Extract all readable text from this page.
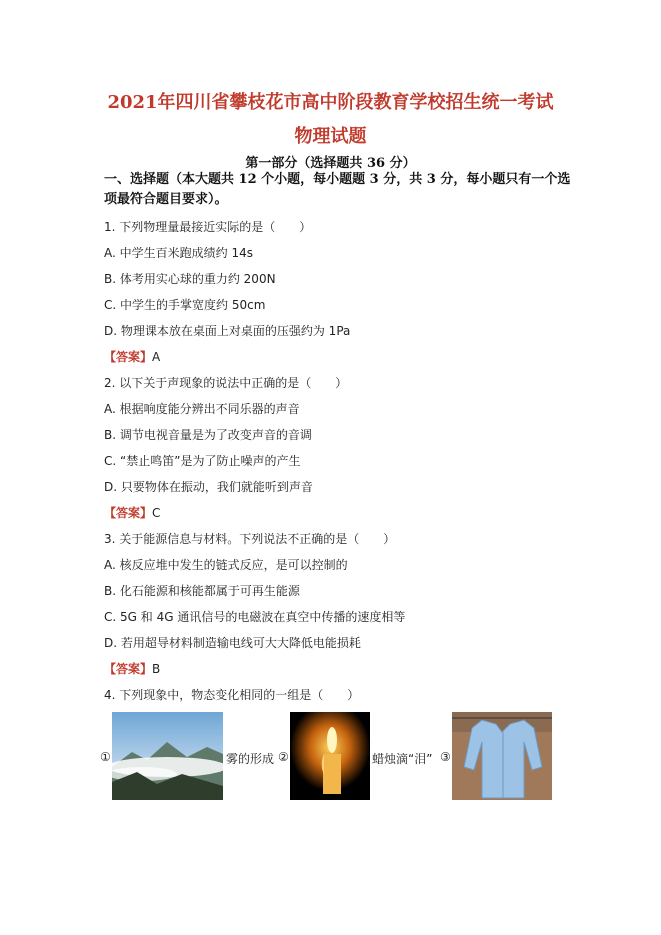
2021年四川省攀枝花市高中阶段教育学校招生统一考试
物理试题
第一部分（选择题共 36 分）
一、选择题（本大题共 12 个小题，每小题题 3 分，共 3 分，每小题只有一个选项最符合题目要求）。
1. 下列物理量最接近实际的是（　　）
A. 中学生百米跑成绩约 14s
B. 体考用实心球的重力约 200N
C. 中学生的手掌宽度约 50cm
D. 物理课本放在桌面上对桌面的压强约为 1Pa
【答案】A
2. 以下关于声现象的说法中正确的是（　　）
A. 根据响度能分辨出不同乐器的声音
B. 调节电视音量是为了改变声音的音调
C. “禁止鸣笛”是为了防止噪声的产生
D. 只要物体在振动，我们就能听到声音
【答案】C
3. 关于能源信息与材料。下列说法不正确的是（　　）
A. 核反应堆中发生的链式反应，是可以控制的
B. 化石能源和核能都属于可再生能源
C. 5G 和 4G 通讯信号的电磁波在真空中传播的速度相等
D. 若用超导材料制造输电线可大大降低电能损耗
【答案】B
4. 下列现象中，物态变化相同的一组是（　　）
①	雾的形成 ②	蜡烛滴“泪” ③
